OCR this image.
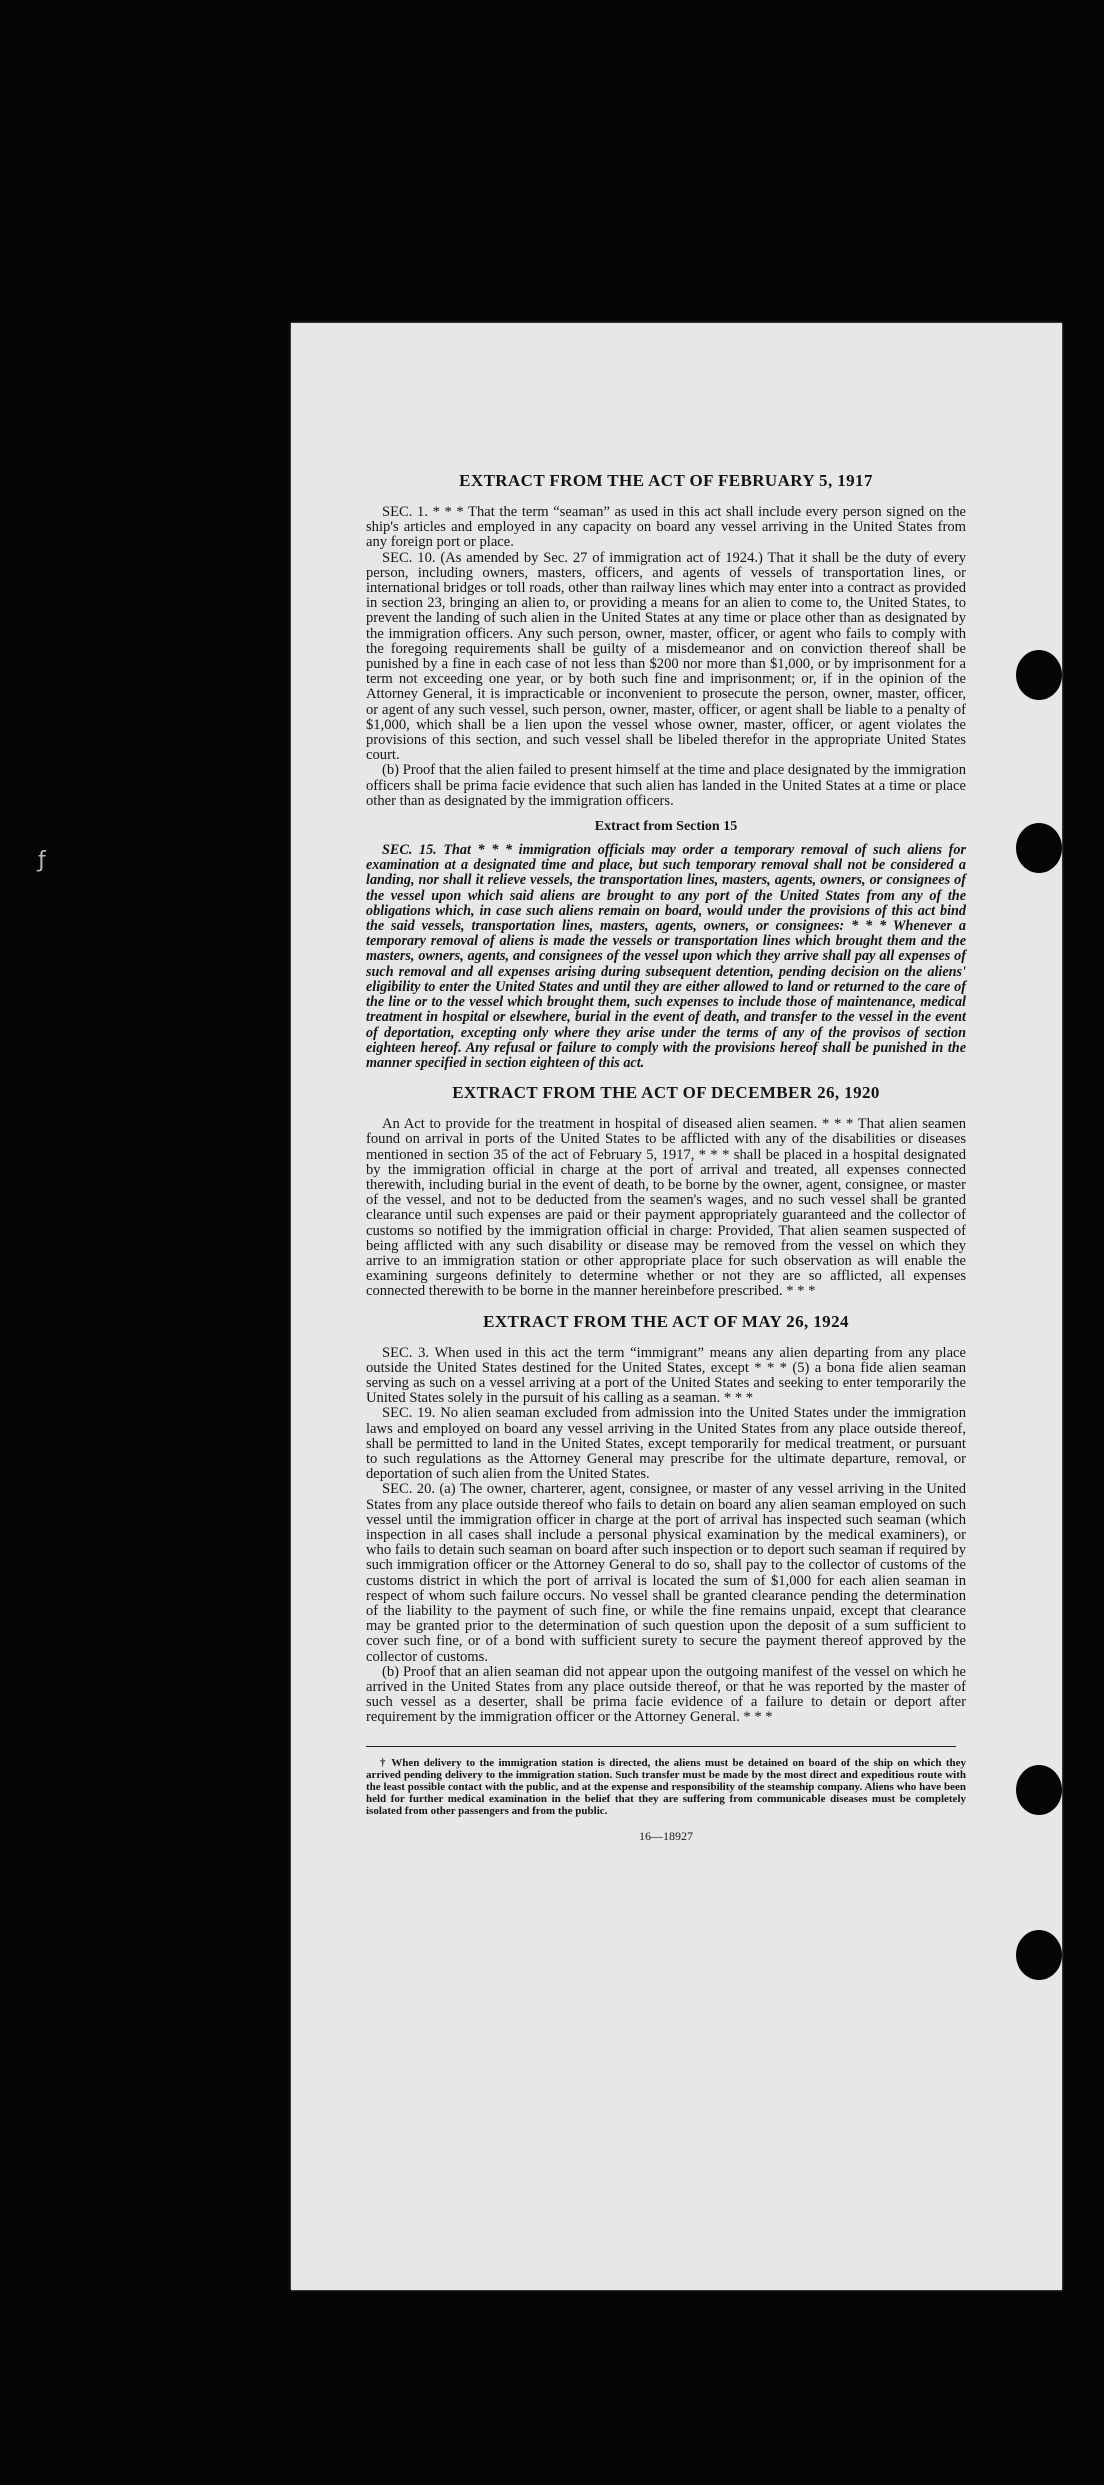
ƒ
EXTRACT FROM THE ACT OF FEBRUARY 5, 1917

SEC. 1. * * * That the term “seaman” as used in this act shall include every person signed on the ship's articles and employed in any capacity on board any vessel arriving in the United States from any foreign port or place.

SEC. 10. (As amended by Sec. 27 of immigration act of 1924.) That it shall be the duty of every person, including owners, masters, officers, and agents of vessels of transportation lines, or international bridges or toll roads, other than railway lines which may enter into a contract as provided in section 23, bringing an alien to, or providing a means for an alien to come to, the United States, to prevent the landing of such alien in the United States at any time or place other than as designated by the immigration officers. Any such person, owner, master, officer, or agent who fails to comply with the foregoing requirements shall be guilty of a misdemeanor and on conviction thereof shall be punished by a fine in each case of not less than $200 nor more than $1,000, or by imprisonment for a term not exceeding one year, or by both such fine and imprisonment; or, if in the opinion of the Attorney General, it is impracticable or inconvenient to prosecute the person, owner, master, officer, or agent of any such vessel, such person, owner, master, officer, or agent shall be liable to a penalty of $1,000, which shall be a lien upon the vessel whose owner, master, officer, or agent violates the provisions of this section, and such vessel shall be libeled therefor in the appropriate United States court.

(b) Proof that the alien failed to present himself at the time and place designated by the immigration officers shall be prima facie evidence that such alien has landed in the United States at a time or place other than as designated by the immigration officers.

Extract from Section 15

SEC. 15. That * * * immigration officials may order a temporary removal of such aliens for examination at a designated time and place, but such temporary removal shall not be considered a landing, nor shall it relieve vessels, the transportation lines, masters, agents, owners, or consignees of the vessel upon which said aliens are brought to any port of the United States from any of the obligations which, in case such aliens remain on board, would under the provisions of this act bind the said vessels, transportation lines, masters, agents, owners, or consignees: * * * Whenever a temporary removal of aliens is made the vessels or transportation lines which brought them and the masters, owners, agents, and consignees of the vessel upon which they arrive shall pay all expenses of such removal and all expenses arising during subsequent detention, pending decision on the aliens' eligibility to enter the United States and until they are either allowed to land or returned to the care of the line or to the vessel which brought them, such expenses to include those of maintenance, medical treatment in hospital or elsewhere, burial in the event of death, and transfer to the vessel in the event of deportation, excepting only where they arise under the terms of any of the provisos of section eighteen hereof. Any refusal or failure to comply with the provisions hereof shall be punished in the manner specified in section eighteen of this act.

EXTRACT FROM THE ACT OF DECEMBER 26, 1920

An Act to provide for the treatment in hospital of diseased alien seamen. * * * That alien seamen found on arrival in ports of the United States to be afflicted with any of the disabilities or diseases mentioned in section 35 of the act of February 5, 1917, * * * shall be placed in a hospital designated by the immigration official in charge at the port of arrival and treated, all expenses connected therewith, including burial in the event of death, to be borne by the owner, agent, consignee, or master of the vessel, and not to be deducted from the seamen's wages, and no such vessel shall be granted clearance until such expenses are paid or their payment appropriately guaranteed and the collector of customs so notified by the immigration official in charge: Provided, That alien seamen suspected of being afflicted with any such disability or disease may be removed from the vessel on which they arrive to an immigration station or other appropriate place for such observation as will enable the examining surgeons definitely to determine whether or not they are so afflicted, all expenses connected therewith to be borne in the manner hereinbefore prescribed. * * *

EXTRACT FROM THE ACT OF MAY 26, 1924

SEC. 3. When used in this act the term “immigrant” means any alien departing from any place outside the United States destined for the United States, except * * * (5) a bona fide alien seaman serving as such on a vessel arriving at a port of the United States and seeking to enter temporarily the United States solely in the pursuit of his calling as a seaman. * * *

SEC. 19. No alien seaman excluded from admission into the United States under the immigration laws and employed on board any vessel arriving in the United States from any place outside thereof, shall be permitted to land in the United States, except temporarily for medical treatment, or pursuant to such regulations as the Attorney General may prescribe for the ultimate departure, removal, or deportation of such alien from the United States.

SEC. 20. (a) The owner, charterer, agent, consignee, or master of any vessel arriving in the United States from any place outside thereof who fails to detain on board any alien seaman employed on such vessel until the immigration officer in charge at the port of arrival has inspected such seaman (which inspection in all cases shall include a personal physical examination by the medical examiners), or who fails to detain such seaman on board after such inspection or to deport such seaman if required by such immigration officer or the Attorney General to do so, shall pay to the collector of customs of the customs district in which the port of arrival is located the sum of $1,000 for each alien seaman in respect of whom such failure occurs. No vessel shall be granted clearance pending the determination of the liability to the payment of such fine, or while the fine remains unpaid, except that clearance may be granted prior to the determination of such question upon the deposit of a sum sufficient to cover such fine, or of a bond with sufficient surety to secure the payment thereof approved by the collector of customs.

(b) Proof that an alien seaman did not appear upon the outgoing manifest of the vessel on which he arrived in the United States from any place outside thereof, or that he was reported by the master of such vessel as a deserter, shall be prima facie evidence of a failure to detain or deport after requirement by the immigration officer or the Attorney General. * * *

† When delivery to the immigration station is directed, the aliens must be detained on board of the ship on which they arrived pending delivery to the immigration station. Such transfer must be made by the most direct and expeditious route with the least possible contact with the public, and at the expense and responsibility of the steamship company. Aliens who have been held for further medical examination in the belief that they are suffering from communicable diseases must be completely isolated from other passengers and from the public.

16—18927
